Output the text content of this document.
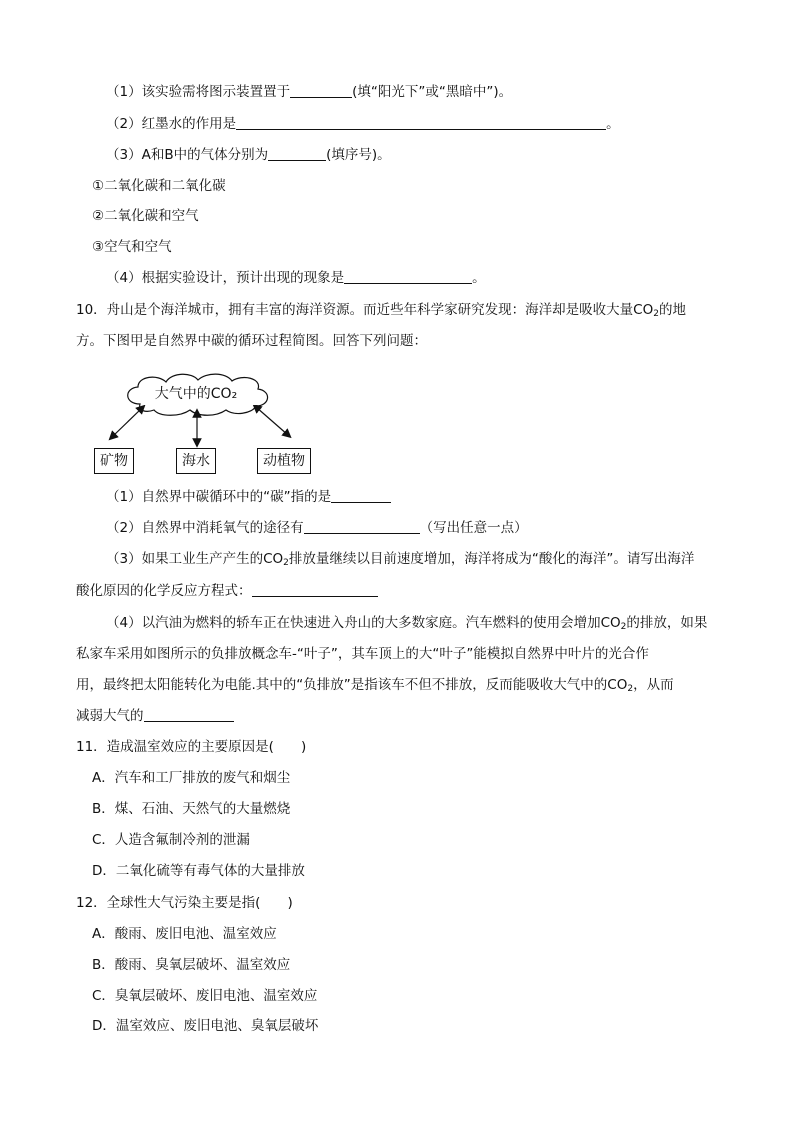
（1）该实验需将图示装置置于	(填“阳光下”或“黑暗中”)。
（2）红墨水的作用是	。
（3）A和B中的气体分别为	(填序号)。
①二氧化碳和二氧化碳
②二氧化碳和空气
③空气和空气
（4）根据实验设计，预计出现的现象是	。
10．舟山是个海洋城市，拥有丰富的海洋资源。而近些年科学家研究发现：海洋却是吸收大量$CO_2$的地
方。下图甲是自然界中碳的循环过程简图。回答下列问题：
大气中的CO₂
矿物	海水	动植物
（1）自然界中碳循环中的“碳”指的是
（2）自然界中消耗氧气的途径有	（写出任意一点）
（3）如果工业生产产生的$CO_2$排放量继续以目前速度增加，海洋将成为“酸化的海洋”。请写出海洋
酸化原因的化学反应方程式：
（4）以汽油为燃料的轿车正在快速进入舟山的大多数家庭。汽车燃料的使用会增加$CO_2$的排放，如果
私家车采用如图所示的负排放概念车-“叶子”，其车顶上的大“叶子”能模拟自然界中叶片的光合作
用，最终把太阳能转化为电能.其中的“负排放”是指该车不但不排放，反而能吸收大气中的$CO_2$，从而
减弱大气的
11．造成温室效应的主要原因是(　　)
A．汽车和工厂排放的废气和烟尘
B．煤、石油、天然气的大量燃烧
C．人造含氟制冷剂的泄漏
D．二氧化硫等有毒气体的大量排放
12．全球性大气污染主要是指(　　)
A．酸雨、废旧电池、温室效应
B．酸雨、臭氧层破坏、温室效应
C．臭氧层破坏、废旧电池、温室效应
D．温室效应、废旧电池、臭氧层破坏
